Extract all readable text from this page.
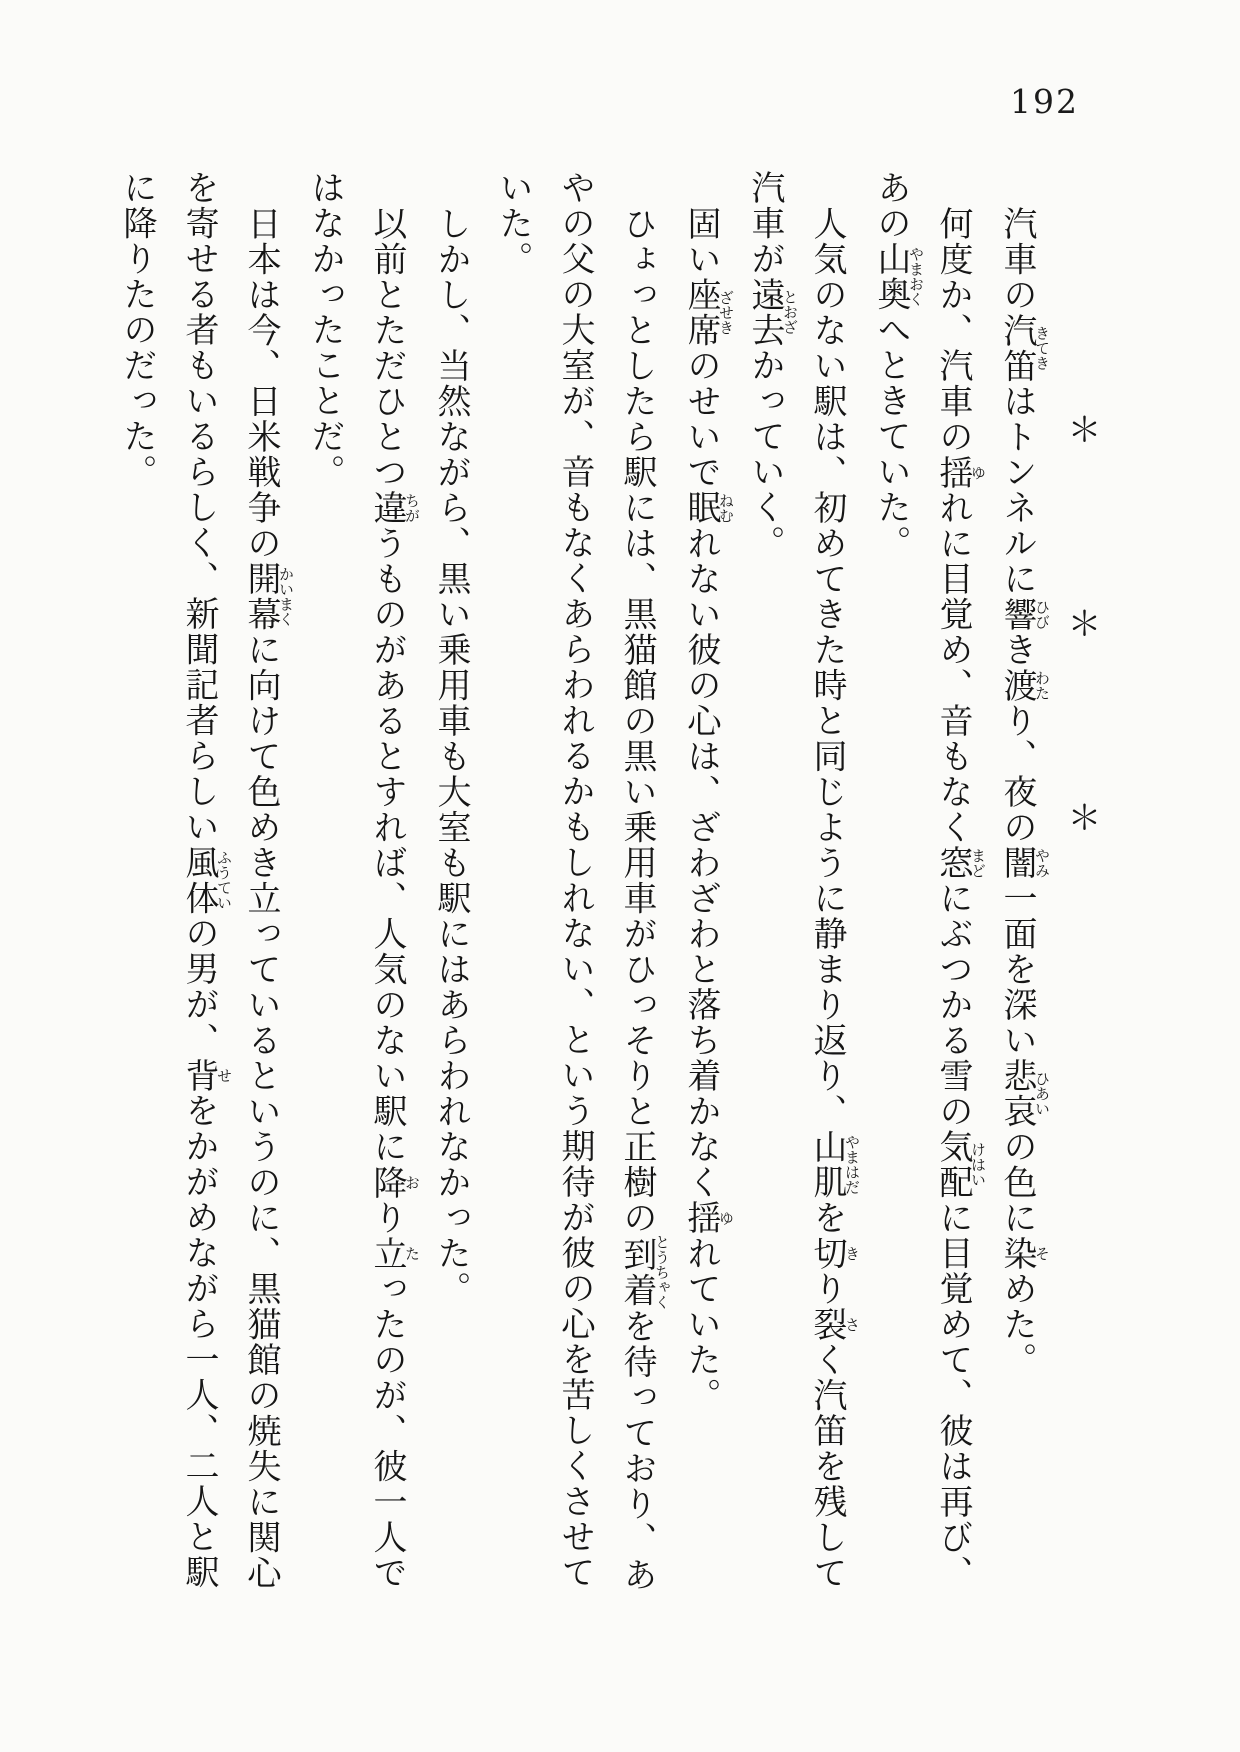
192

＊＊＊

汽車の汽笛きてきはトンネルに響ひびき渡わたり、夜の闇やみ一面を深い悲哀ひあいの色に染そめた。

何度か、汽車の揺ゆれに目覚め、音もなく窓まどにぶつかる雪の気配けはいに目覚めて、彼は再び、あの山奥やまおくへときていた。

人気のない駅は、初めてきた時と同じように静まり返り、山肌やまはだを切きり裂さく汽笛を残して汽車が遠去とおざかっていく。

固い座席ざせきのせいで眠ねむれない彼の心は、ざわざわと落ち着かなく揺ゆれていた。

ひょっとしたら駅には、黒猫館の黒い乗用車がひっそりと正樹の到着とうちゃくを待っており、あやの父の大室が、音もなくあらわれるかもしれない、という期待が彼の心を苦しくさせていた。

しかし、当然ながら、黒い乗用車も大室も駅にはあらわれなかった。

以前とただひとつ違ちがうものがあるとすれば、人気のない駅に降おり立たったのが、彼一人ではなかったことだ。

日本は今、日米戦争の開幕かいまくに向けて色めき立っているというのに、黒猫館の焼失に関心を寄せる者もいるらしく、新聞記者らしい風体ふうていの男が、背せをかがめながら一人、二人と駅に降りたのだった。
